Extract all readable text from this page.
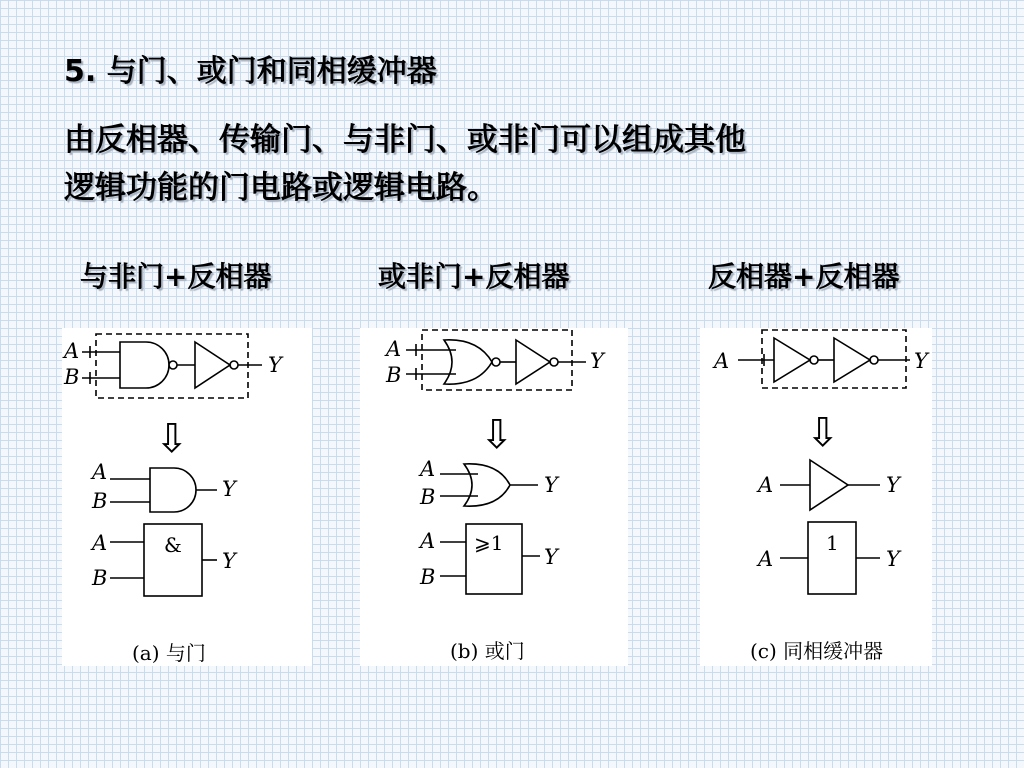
5. 与门、或门和同相缓冲器
由反相器、传输门、与非门、或非门可以组成其他
逻辑功能的门电路或逻辑电路。
与非门+反相器	或非门+反相器	反相器+反相器
A
B	Y
A
B	Y
A
B
Y
&
⇩
(a) 与门
A
B
Y
A
B	Y
A
B
Y
⩾1
⇩
(b) 或门
A	Y
A	Y
A	Y
1
⇩
(c) 同相缓冲器
